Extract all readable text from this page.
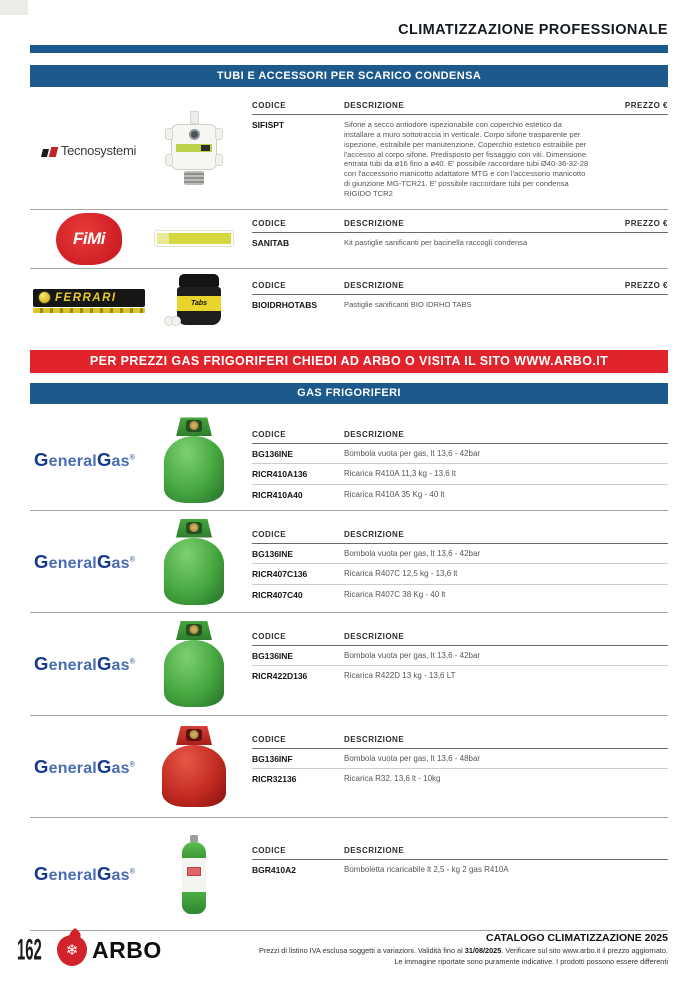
CLIMATIZZAZIONE PROFESSIONALE
TUBI E ACCESSORI PER SCARICO CONDENSA
Tecnosystemi
CODICE	DESCRIZIONE	PREZZO €
SIFISPT	Sifone a secco antiodore ispezionabile con coperchio estetico da installare a muro sottotraccia in verticale. Corpo sifone trasparente per ispezione, estraibile per manutenzione. Coperchio estetico estraibile per l'accesso al corpo sifone. Predisposto per fissaggio con viti. Dimensione entrata tubi da ø16 fino a ø40. E' possibile raccordare tubi Ø40-36-32-28 con l'accessorio manicotto adattatore MTG e con l'accessorio manicotto di giunzione MG-TCR21. E' possibile raccordare tubi per condensa RIGIDO TCR2	
FiMi
CODICE	DESCRIZIONE	PREZZO €
SANITAB	Kit pastiglie sanificanti per bacinella raccogli condensa	
FERRARI	Tabs
CODICE	DESCRIZIONE	PREZZO €
BIOIDRHOTABS	Pastiglie sanificanti BIO IDRHO TABS	
PER PREZZI GAS FRIGORIFERI CHIEDI AD ARBO O VISITA IL SITO WWW.ARBO.IT
GAS FRIGORIFERI
GeneralGas®
CODICE	DESCRIZIONE
BG136INE	Bombola vuota per gas, lt 13,6 - 42bar
RICR410A136	Ricarica R410A 11,3 kg - 13,6 lt
RICR410A40	Ricarica R410A 35 Kg - 40 lt
GeneralGas®
CODICE	DESCRIZIONE
BG136INE	Bombola vuota per gas, lt 13,6 - 42bar
RICR407C136	Ricarica R407C 12,5 kg - 13,6 lt
RICR407C40	Ricarica R407C 38 Kg - 40 lt
GeneralGas®
CODICE	DESCRIZIONE
BG136INE	Bombola vuota per gas, lt 13,6 - 42bar
RICR422D136	Ricarica R422D 13 kg - 13,6 LT
GeneralGas®
CODICE	DESCRIZIONE
BG136INF	Bombola vuota per gas, lt 13,6 - 48bar
RICR32136	Ricarica R32. 13,6 lt - 10kg
GeneralGas®
CODICE	DESCRIZIONE
BGR410A2	Bomboletta ricaricabile lt 2,5 - kg 2 gas R410A
162 ❄ ARBO	CATALOGO CLIMATIZZAZIONE 2025
Prezzi di listino IVA esclusa soggetti a variazioni. Validità fino al 31/08/2025. Verificare sul sito www.arbo.it il prezzo aggiornato.
Le immagine riportate sono puramente indicative. I prodotti possono essere differenti
